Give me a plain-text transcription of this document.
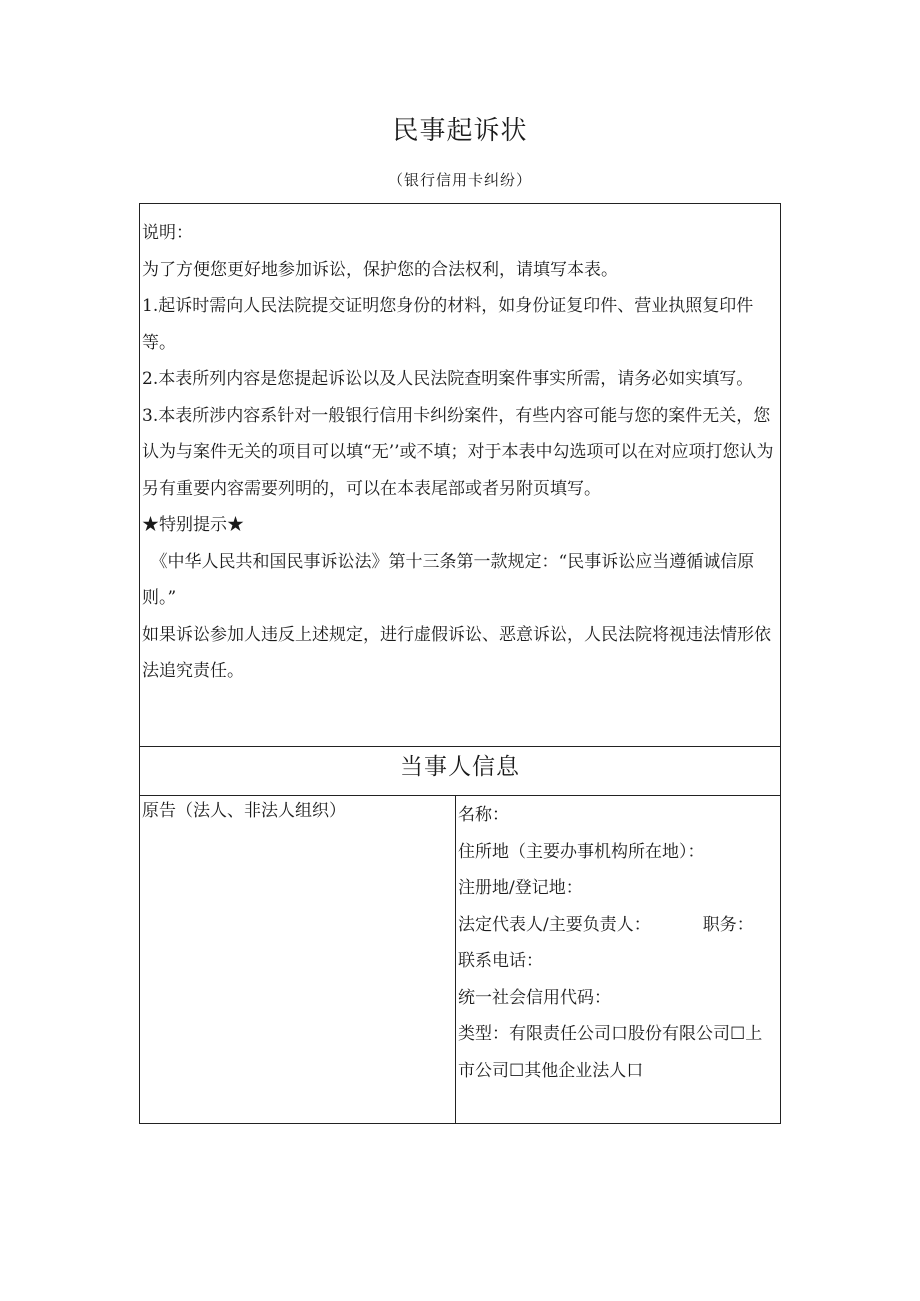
民事起诉状
（银行信用卡纠纷）

说明：

为了方便您更好地参加诉讼，保护您的合法权利，请填写本表。

1.起诉时需向人民法院提交证明您身份的材料，如身份证复印件、营业执照复印件等。

2.本表所列内容是您提起诉讼以及人民法院查明案件事实所需，请务必如实填写。

3.本表所涉内容系针对一般银行信用卡纠纷案件，有些内容可能与您的案件无关，您认为与案件无关的项目可以填“无’’或不填；对于本表中勾选项可以在对应项打您认为另有重要内容需要列明的，可以在本表尾部或者另附页填写。

★特别提示★

《中华人民共和国民事诉讼法》第十三条第一款规定：“民事诉讼应当遵循诚信原则。”

如果诉讼参加人违反上述规定，进行虚假诉讼、恶意诉讼，人民法院将视违法情形依法追究责任。

当事人信息
原告（法人、非法人组织）	名称：

住所地（主要办事机构所在地）：

注册地/登记地：

法定代表人/主要负责人：	职务：

联系电话：

统一社会信用代码：

类型：有限责任公司口股份有限公司☐上市公司☐其他企业法人口
